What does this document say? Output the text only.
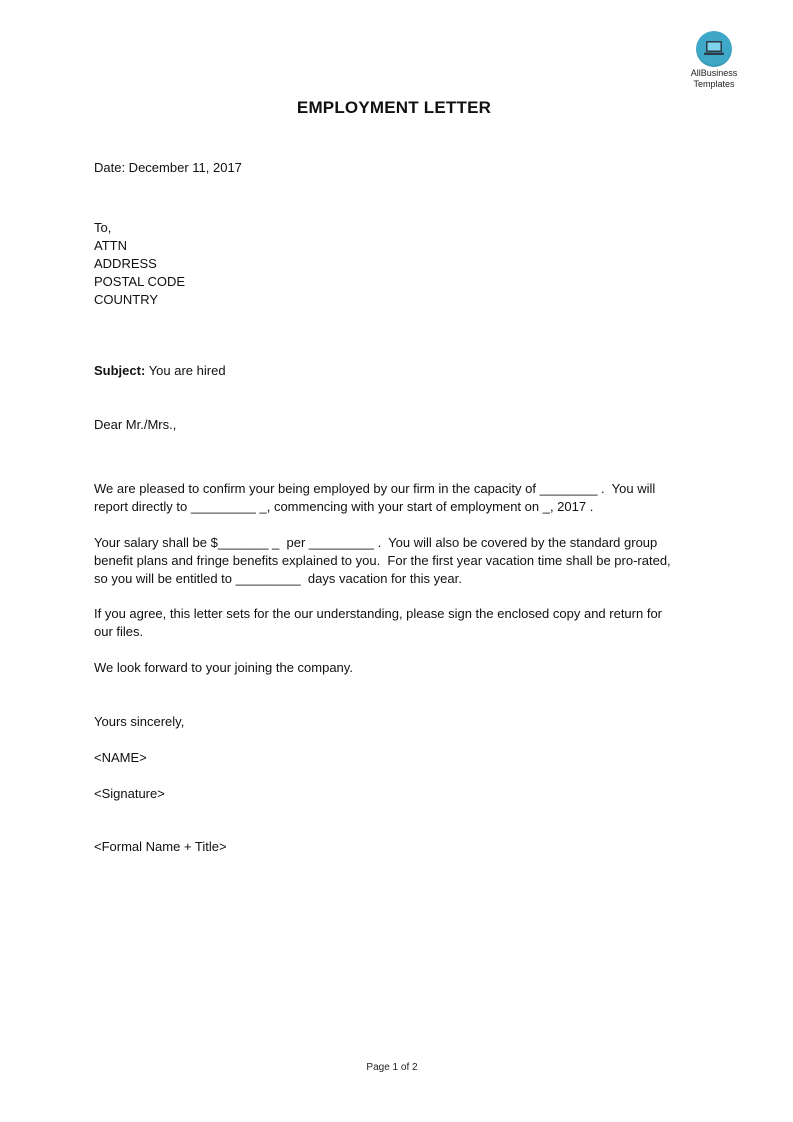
AllBusiness
Templates
EMPLOYMENT LETTER
Date: December 11, 2017
To,
ATTN
ADDRESS
POSTAL CODE
COUNTRY
Subject: You are hired
Dear Mr./Mrs.,
We are pleased to confirm your being employed by our firm in the capacity of ________ .  You will
report directly to _________ _, commencing with your start of employment on _, 2017 .
Your salary shall be $_______ _  per _________ .  You will also be covered by the standard group
benefit plans and fringe benefits explained to you.  For the first year vacation time shall be pro-rated,
so you will be entitled to _________  days vacation for this year.
If you agree, this letter sets for the our understanding, please sign the enclosed copy and return for
our files.
We look forward to your joining the company.
Yours sincerely,
<NAME>
<Signature>
<Formal Name + Title>
Page 1 of 2
